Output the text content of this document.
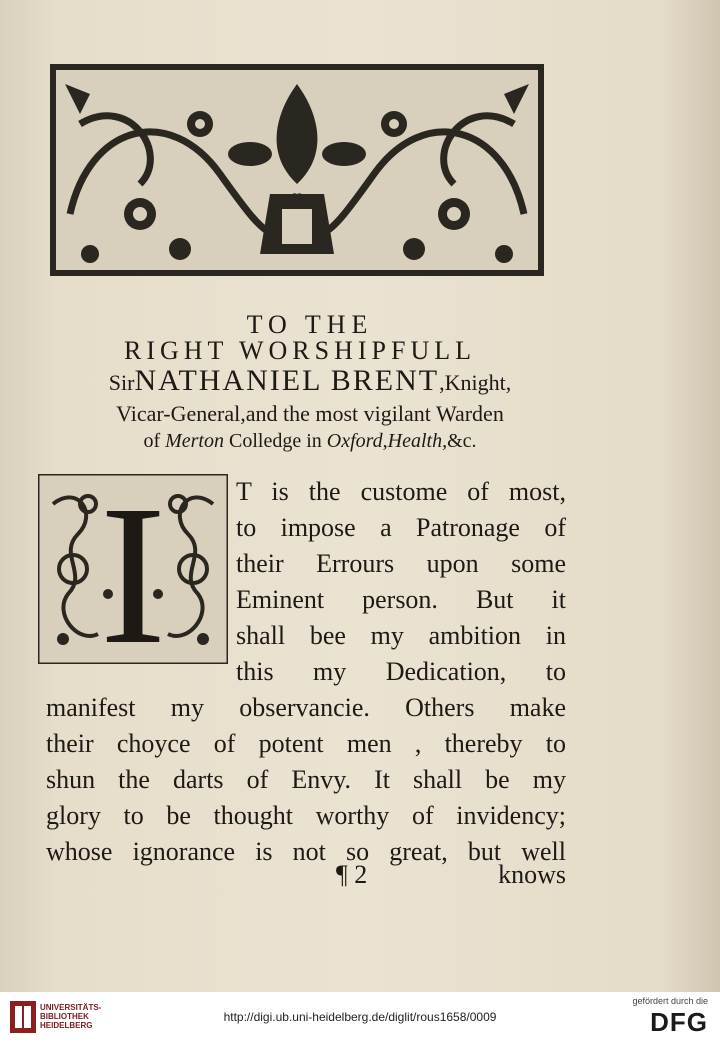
TO THE
RIGHT WORSHIPFULL
SirNATHANIEL BRENT,Knight,
Vicar-General,and the most vigilant Warden
of Merton Colledge in Oxford,Health,&c.
I	T is the custome of most,
to impose a Patronage of
their Errours upon some
Eminent person. But it
shall bee my ambition in
this my Dedication, to
manifest my observancie. Others make
their choyce of potent men , thereby to
shun the darts of Envy. It shall be my
glory to be thought worthy of invidency;
whose ignorance is not so great, but well
¶ 2	knows
UNIVERSITÄTS-
BIBLIOTHEK
HEIDELBERG
http://digi.ub.uni-heidelberg.de/diglit/rous1658/0009
gefördert durch die
DFG
